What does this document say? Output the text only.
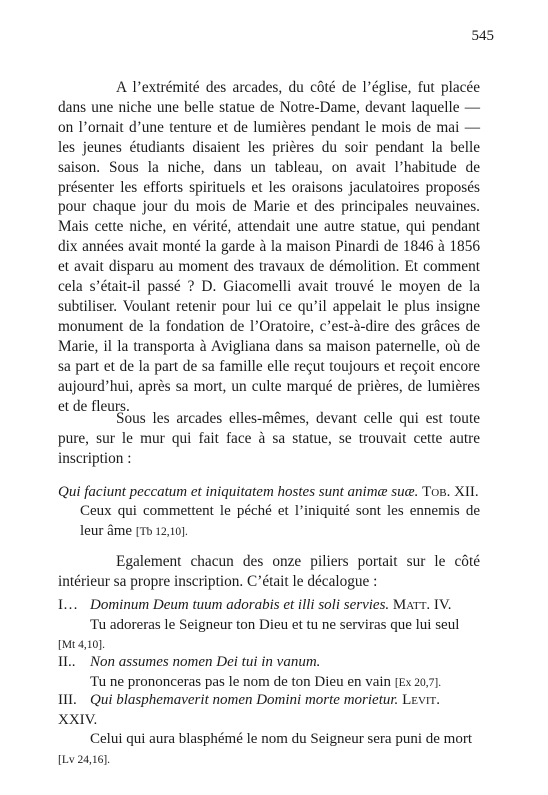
545

A l’extrémité des arcades, du côté de l’église, fut placée dans une niche une belle statue de Notre-Dame, devant laquelle — on l’ornait d’une tenture et de lumières pendant le mois de mai — les jeunes étudiants disaient les prières du soir pendant la belle saison. Sous la niche, dans un tableau, on avait l’habitude de présenter les efforts spirituels et les oraisons jaculatoires proposés pour chaque jour du mois de Marie et des principales neuvaines. Mais cette niche, en vérité, attendait une autre statue, qui pendant dix années avait monté la garde à la maison Pinardi de 1846 à 1856 et avait disparu au moment des travaux de démolition. Et comment cela s’était-il passé ? D. Giacomelli avait trouvé le moyen de la subtiliser. Voulant retenir pour lui ce qu’il appelait le plus insigne monument de la fondation de l’Oratoire, c’est-à-dire des grâces de Marie, il la transporta à Avigliana dans sa maison paternelle, où de sa part et de la part de sa famille elle reçut toujours et reçoit encore aujourd’hui, après sa mort, un culte marqué de prières, de lumières et de fleurs.

Sous les arcades elles-mêmes, devant celle qui est toute pure, sur le mur qui fait face à sa statue, se trouvait cette autre inscription :

Qui faciunt peccatum et iniquitatem hostes sunt animæ suæ. Tob. XII.

Ceux qui commettent le péché et l’iniquité sont les ennemis de leur âme [Tb 12,10].

Egalement chacun des onze piliers portait sur le côté intérieur sa propre inscription. C’était le décalogue :

I… Dominum Deum tuum adorabis et illi soli servies. Matt. IV.
Tu adoreras le Seigneur ton Dieu et tu ne serviras que lui seul
[Mt 4,10].
II.. Non assumes nomen Dei tui in vanum.
Tu ne prononceras pas le nom de ton Dieu en vain [Ex 20,7].
III. Qui blasphemaverit nomen Domini morte morietur. Levit. XXIV.
Celui qui aura blasphémé le nom du Seigneur sera puni de mort
[Lv 24,16].
